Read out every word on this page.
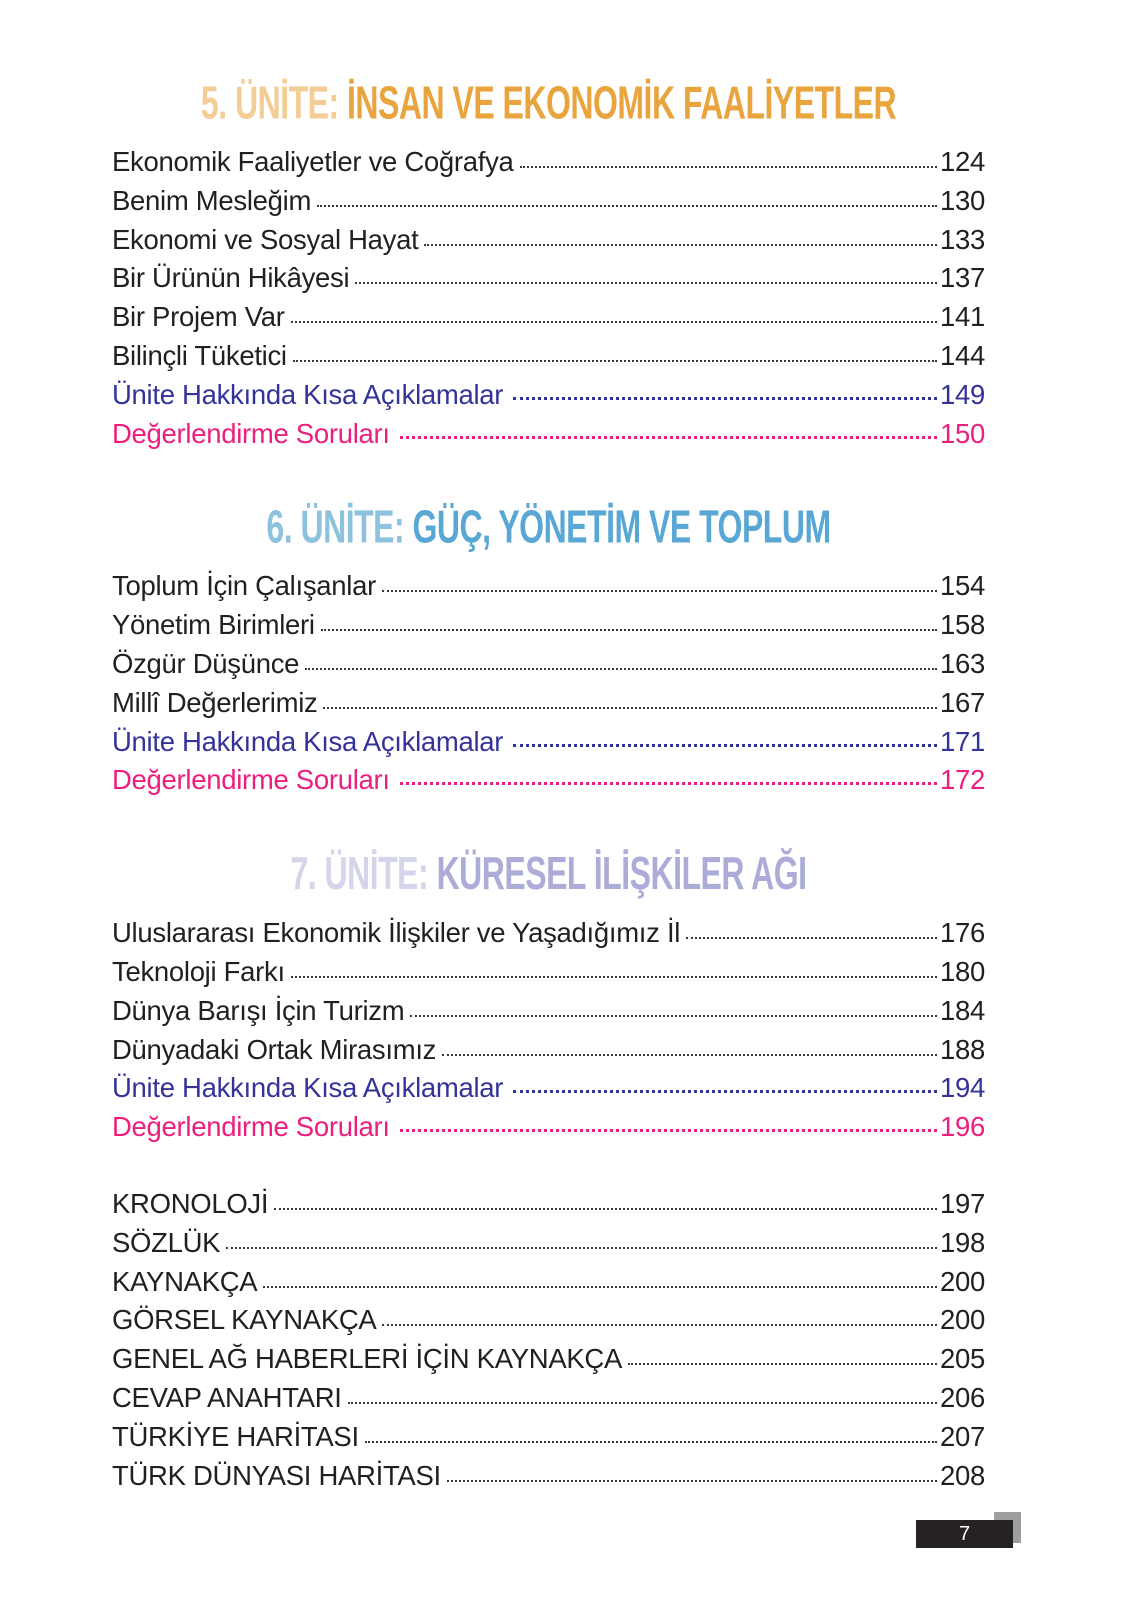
5. ÜNİTE: İNSAN VE EKONOMİK FAALİYETLER
Ekonomik Faaliyetler ve Coğrafya	124
Benim Mesleğim	130
Ekonomi ve Sosyal Hayat	133
Bir Ürünün Hikâyesi	137
Bir Projem Var	141
Bilinçli Tüketici	144
Ünite Hakkında Kısa Açıklamalar	149
Değerlendirme Soruları	150
6. ÜNİTE: GÜÇ, YÖNETİM VE TOPLUM
Toplum İçin Çalışanlar	154
Yönetim Birimleri	158
Özgür Düşünce	163
Millî Değerlerimiz	167
Ünite Hakkında Kısa Açıklamalar	171
Değerlendirme Soruları	172
7. ÜNİTE: KÜRESEL İLİŞKİLER AĞI
Uluslararası Ekonomik İlişkiler ve Yaşadığımız İl	176
Teknoloji Farkı	180
Dünya Barışı İçin Turizm	184
Dünyadaki Ortak Mirasımız	188
Ünite Hakkında Kısa Açıklamalar	194
Değerlendirme Soruları	196
KRONOLOJİ	197
SÖZLÜK	198
KAYNAKÇA	200
GÖRSEL KAYNAKÇA	200
GENEL AĞ HABERLERİ İÇİN KAYNAKÇA	205
CEVAP ANAHTARI	206
TÜRKİYE HARİTASI	207
TÜRK DÜNYASI HARİTASI	208
7
